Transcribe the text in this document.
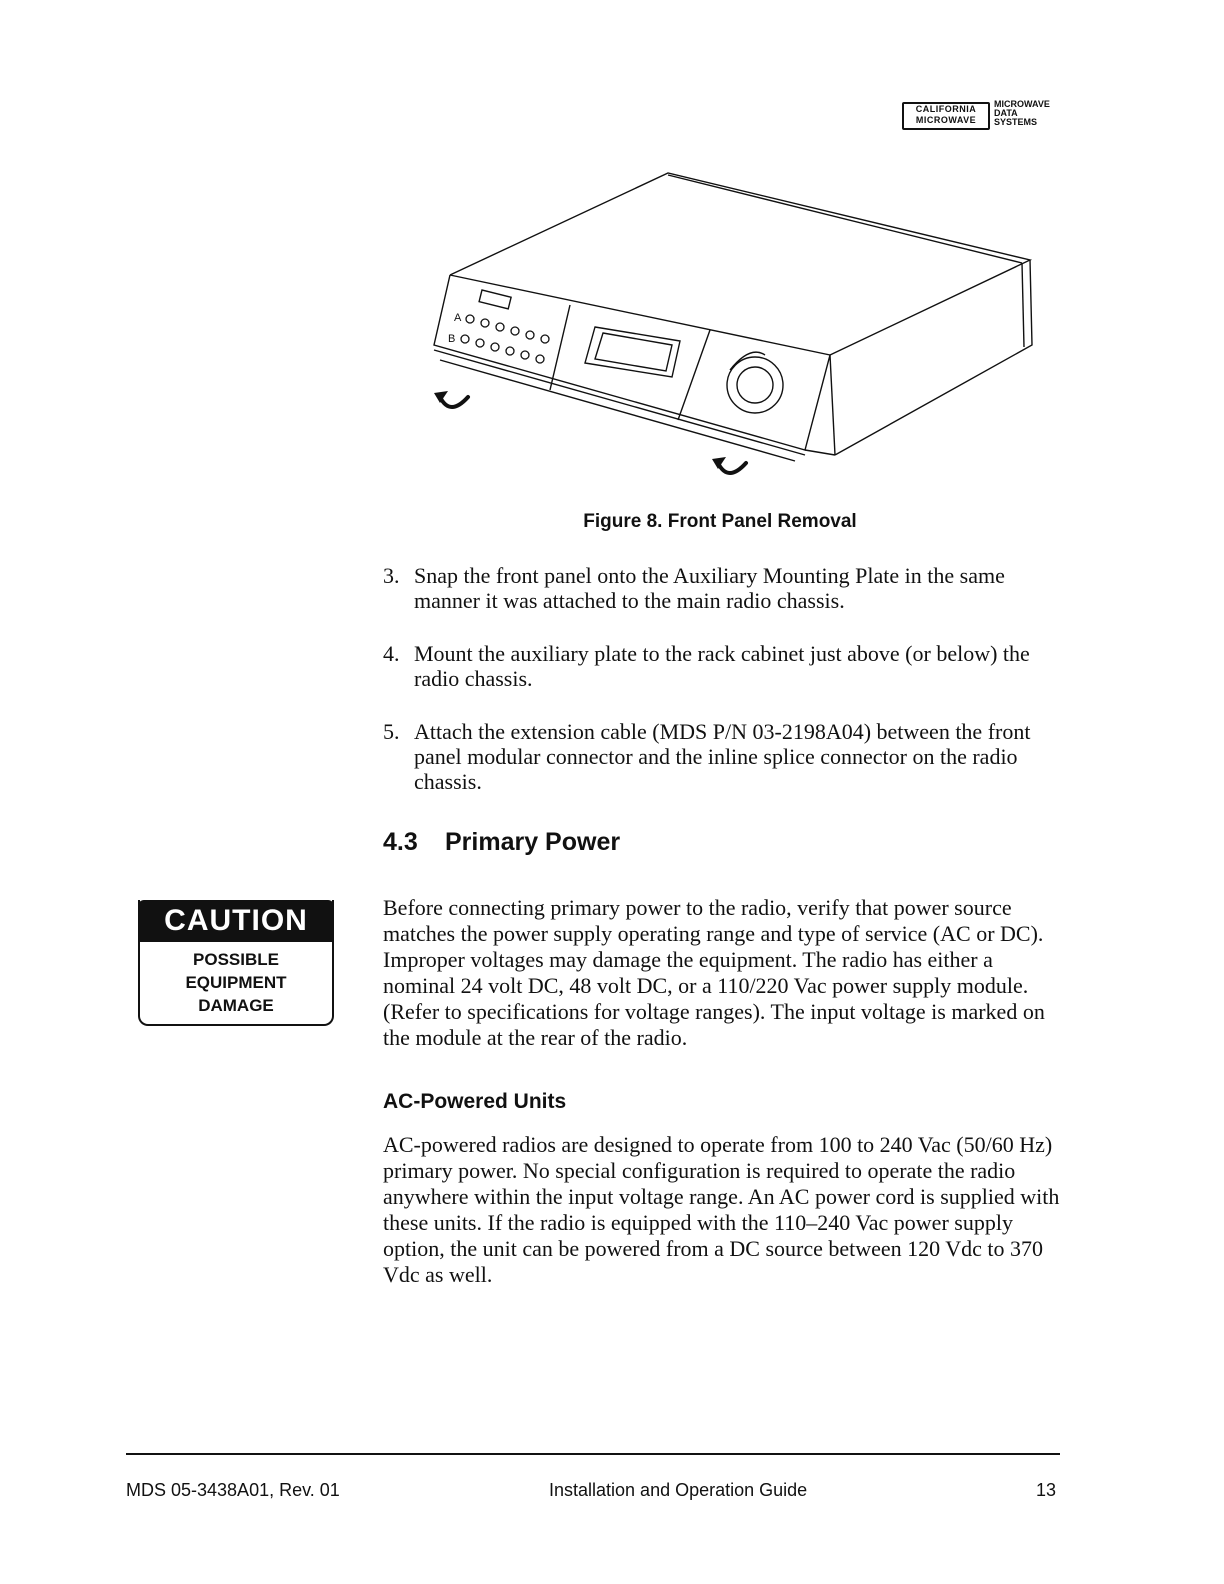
CALIFORNIA
MICROWAVE
MICROWAVE
DATA
SYSTEMS
A
B
Figure 8. Front Panel Removal
3. Snap the front panel onto the Auxiliary Mounting Plate in the same manner it was attached to the main radio chassis.
4. Mount the auxiliary plate to the rack cabinet just above (or below) the radio chassis.
5. Attach the extension cable (MDS P/N 03-2198A04) between the front panel modular connector and the inline splice connector on the radio chassis.
4.3 Primary Power
CAUTION
POSSIBLE
EQUIPMENT
DAMAGE
Before connecting primary power to the radio, verify that power source matches the power supply operating range and type of service (AC or DC). Improper voltages may damage the equipment. The radio has either a nominal 24 volt DC, 48 volt DC, or a 110/220 Vac power supply module. (Refer to specifications for voltage ranges). The input voltage is marked on the module at the rear of the radio.
AC-Powered Units
AC-powered radios are designed to operate from 100 to 240 Vac (50/60 Hz) primary power. No special configuration is required to operate the radio anywhere within the input voltage range. An AC power cord is supplied with these units. If the radio is equipped with the 110–240 Vac power supply option, the unit can be powered from a DC source between 120 Vdc to 370 Vdc as well.
MDS 05-3438A01, Rev. 01	Installation and Operation Guide	13
